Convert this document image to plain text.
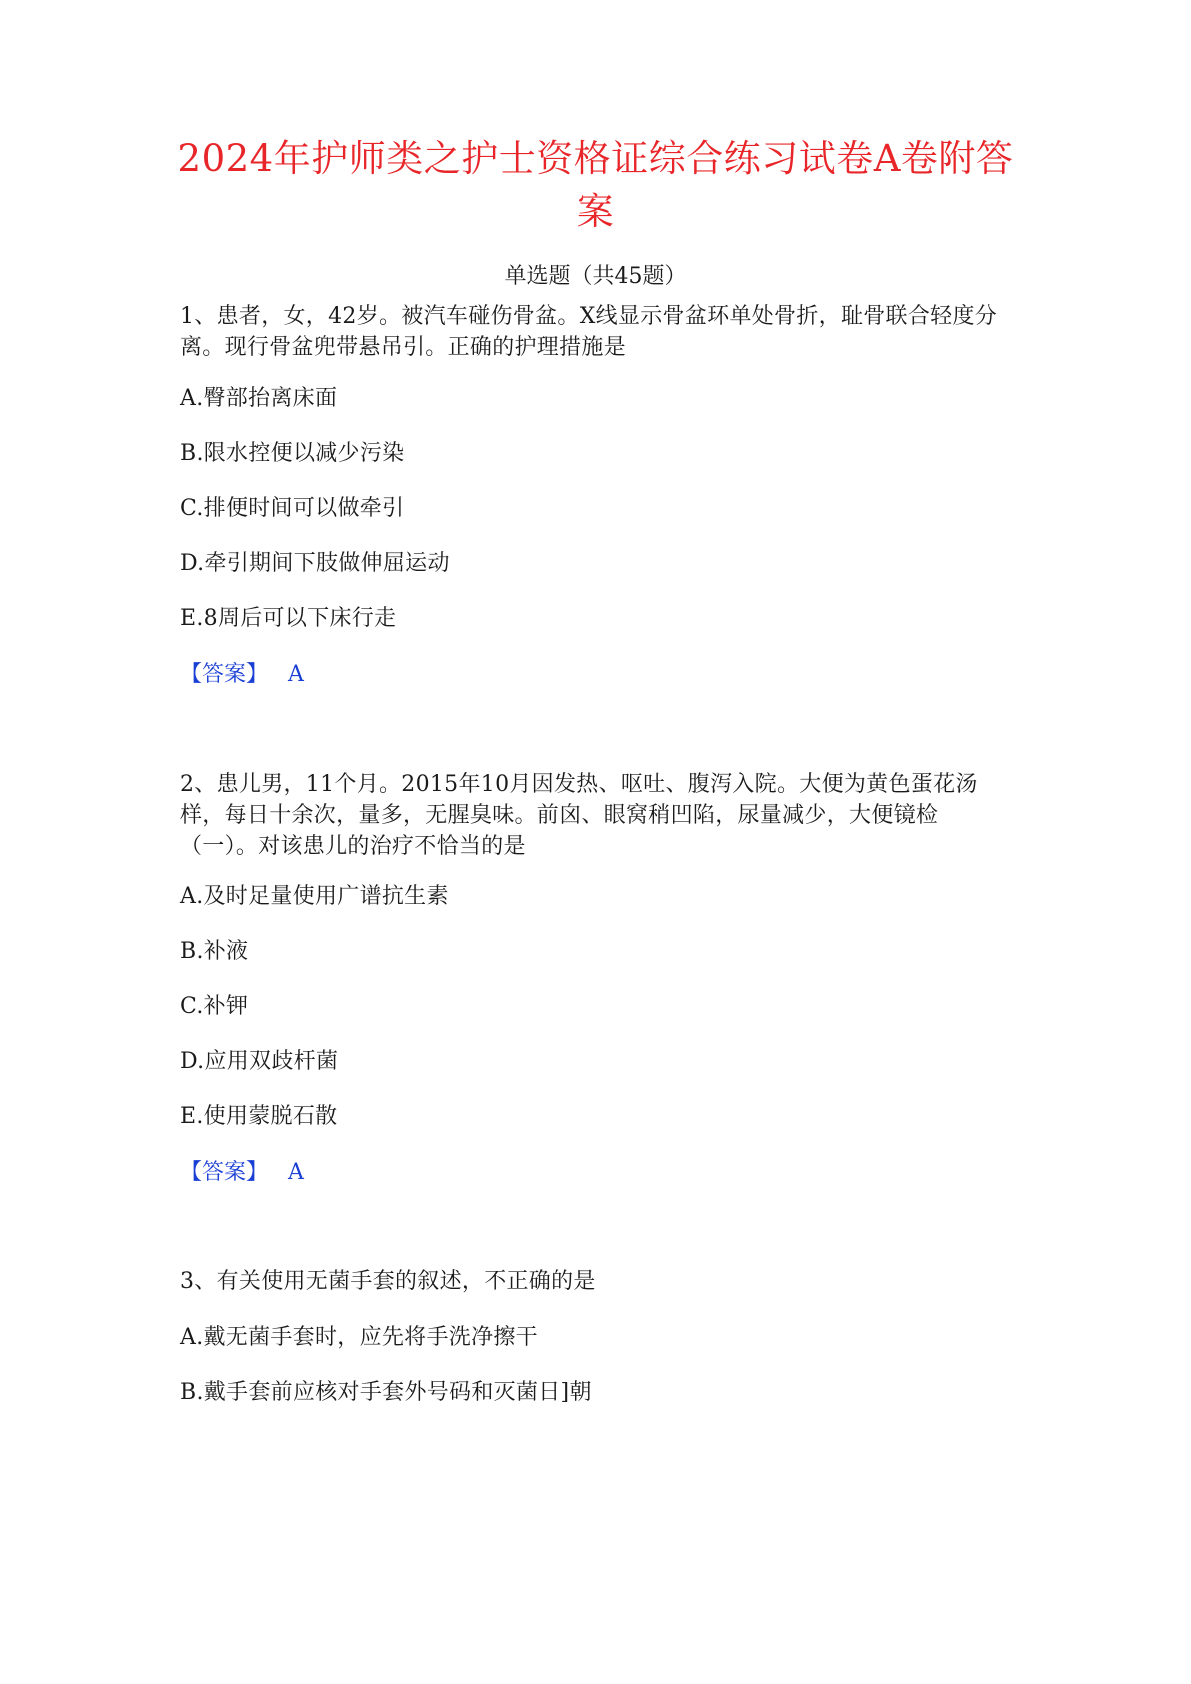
2024年护师类之护士资格证综合练习试卷A卷附答案
单选题（共45题）
1、患者，女，42岁。被汽车碰伤骨盆。X线显示骨盆环单处骨折，耻骨联合轻度分离。现行骨盆兜带悬吊引。正确的护理措施是
A.臀部抬离床面
B.限水控便以减少污染
C.排便时间可以做牵引
D.牵引期间下肢做伸屈运动
E.8周后可以下床行走
【答案】 A
2、患儿男，11个月。2015年10月因发热、呕吐、腹泻入院。大便为黄色蛋花汤样，每日十余次，量多，无腥臭味。前囟、眼窝稍凹陷，尿量减少，大便镜检（一）。对该患儿的治疗不恰当的是
A.及时足量使用广谱抗生素
B.补液
C.补钾
D.应用双歧杆菌
E.使用蒙脱石散
【答案】 A
3、有关使用无菌手套的叙述，不正确的是
A.戴无菌手套时，应先将手洗净擦干
B.戴手套前应核对手套外号码和灭菌日]朝
